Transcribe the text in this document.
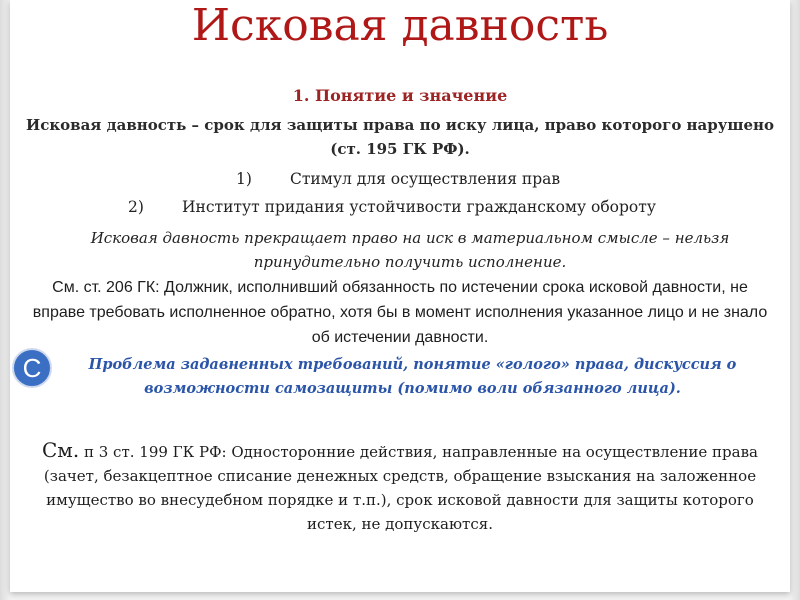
Исковая давность
1. Понятие и значение
Исковая давность – срок для защиты права по иску лица, право которого нарушено (ст. 195 ГК РФ).
1) Стимул для осуществления прав
2) Институт придания устойчивости гражданскому обороту
Исковая давность прекращает право на иск в материальном смысле – нельзя принудительно получить исполнение.
См. ст. 206 ГК: Должник, исполнивший обязанность по истечении срока исковой давности, не вправе требовать исполненное обратно, хотя бы в момент исполнения указанное лицо и не знало об истечении давности.
С	Проблема задавненных требований, понятие «голого» права, дискуссия о возможности самозащиты (помимо воли обязанного лица).
См. п 3 ст. 199 ГК РФ: Односторонние действия, направленные на осуществление права (зачет, безакцептное списание денежных средств, обращение взыскания на заложенное имущество во внесудебном порядке и т.п.), срок исковой давности для защиты которого истек, не допускаются.
